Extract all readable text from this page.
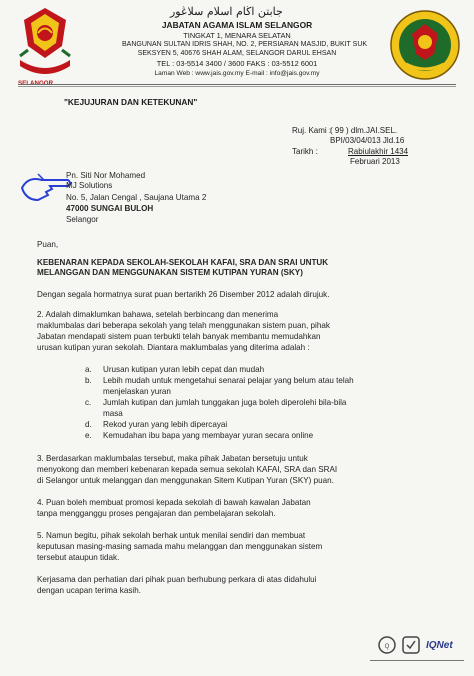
جابتن اڬام اسلام سلاڠور
JABATAN AGAMA ISLAM SELANGOR
TINGKAT 1, MENARA SELATAN
BANGUNAN SULTAN IDRIS SHAH, NO. 2, PERSIARAN MASJID, BUKIT SUK
SEKSYEN 5, 40676 SHAH ALAM, SELANGOR DARUL EHSAN
TEL : 03-5514 3400 / 3600 FAKS : 03-5512 6001
Laman Web : www.jais.gov.my E-mail : info@jais.gov.my
"KEJUJURAN DAN KETEKUNAN"
Ruj. Kami :
( 99 ) dlm.JAI.SEL.
BPI/03/04/013 Jld.16
Tarikh :	Rabiulakhir 1434
Februari 2013
Pn. Siti Nor Mohamed
MJ Solutions
No. 5, Jalan Cengal , Saujana Utama 2
47000 SUNGAI BULOH
Selangor
Puan,
KEBENARAN KEPADA SEKOLAH-SEKOLAH KAFAI, SRA DAN SRAI UNTUK
MELANGGAN DAN MENGGUNAKAN SISTEM KUTIPAN YURAN (SKY)
Dengan segala hormatnya surat puan bertarikh 26 Disember 2012 adalah dirujuk.
2. Adalah dimaklumkan bahawa, setelah berbincang dan menerima
maklumbalas dari beberapa sekolah yang telah menggunakan sistem puan, pihak
Jabatan mendapati sistem puan terbukti telah banyak membantu memudahkan
urusan kutipan yuran sekolah. Diantara maklumbalas yang diterima adalah :
a. Urusan kutipan yuran lebih cepat dan mudah
b. Lebih mudah untuk mengetahui senarai pelajar yang belum atau telah
menjelaskan yuran
c. Jumlah kutipan dan jumlah tunggakan juga boleh diperolehi bila-bila
masa
d. Rekod yuran yang lebih dipercayai
e. Kemudahan ibu bapa yang membayar yuran secara online
3. Berdasarkan maklumbalas tersebut, maka pihak Jabatan bersetuju untuk
menyokong dan memberi kebenaran kepada semua sekolah KAFAI, SRA dan SRAI
di Selangor untuk melanggan dan menggunakan Sitem Kutipan Yuran (SKY) puan.
4. Puan boleh membuat promosi kepada sekolah di bawah kawalan Jabatan
tanpa mengganggu proses pengajaran dan pembelajaran sekolah.
5. Namun begitu, pihak sekolah berhak untuk menilai sendiri dan membuat
keputusan masing-masing samada mahu melanggan dan menggunakan sistem
tersebut ataupun tidak.
Kerjasama dan perhatian dari pihak puan berhubung perkara di atas didahului
dengan ucapan terima kasih.
Q	IQNet
